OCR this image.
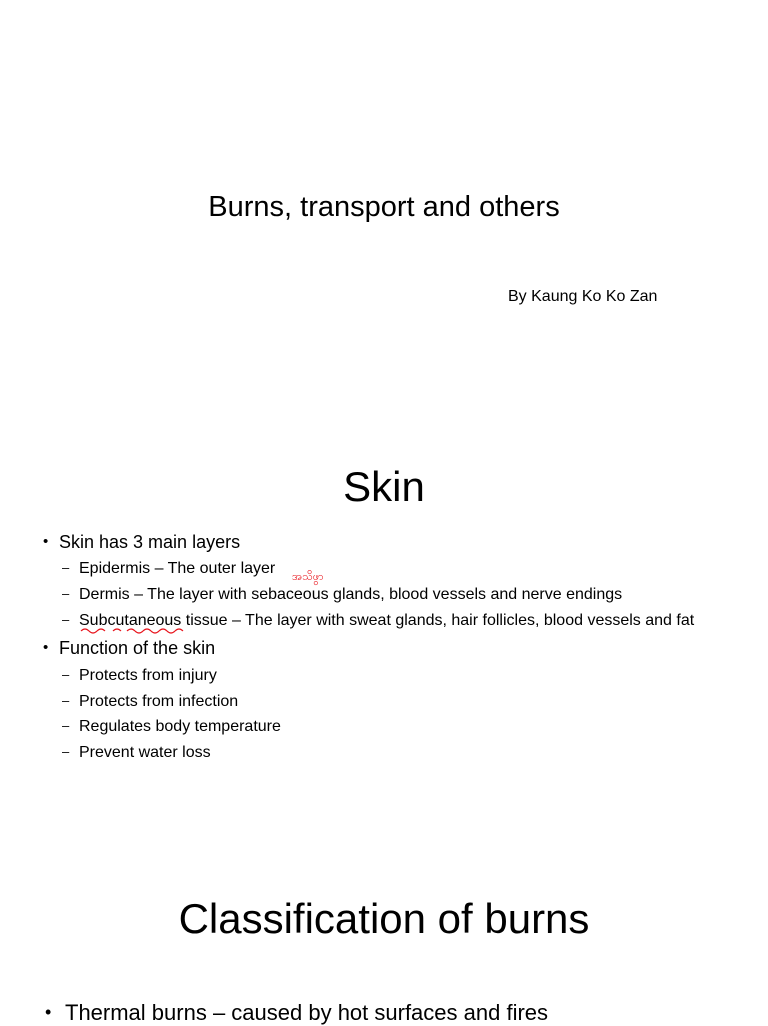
Burns, transport and others
By Kaung Ko Ko Zan
Skin
• Skin has 3 main layers
– Epidermis – The outer layer အသိဖွာ
– Dermis – The layer with sebaceous glands, blood vessels and nerve endings
– Subcutaneous
tissue – The layer with sweat glands, hair follicles, blood vessels and fat
• Function of the skin
– Protects from injury
– Protects from infection
– Regulates body temperature
– Prevent water loss
Classification of burns
• Thermal burns – caused by hot surfaces and fires
